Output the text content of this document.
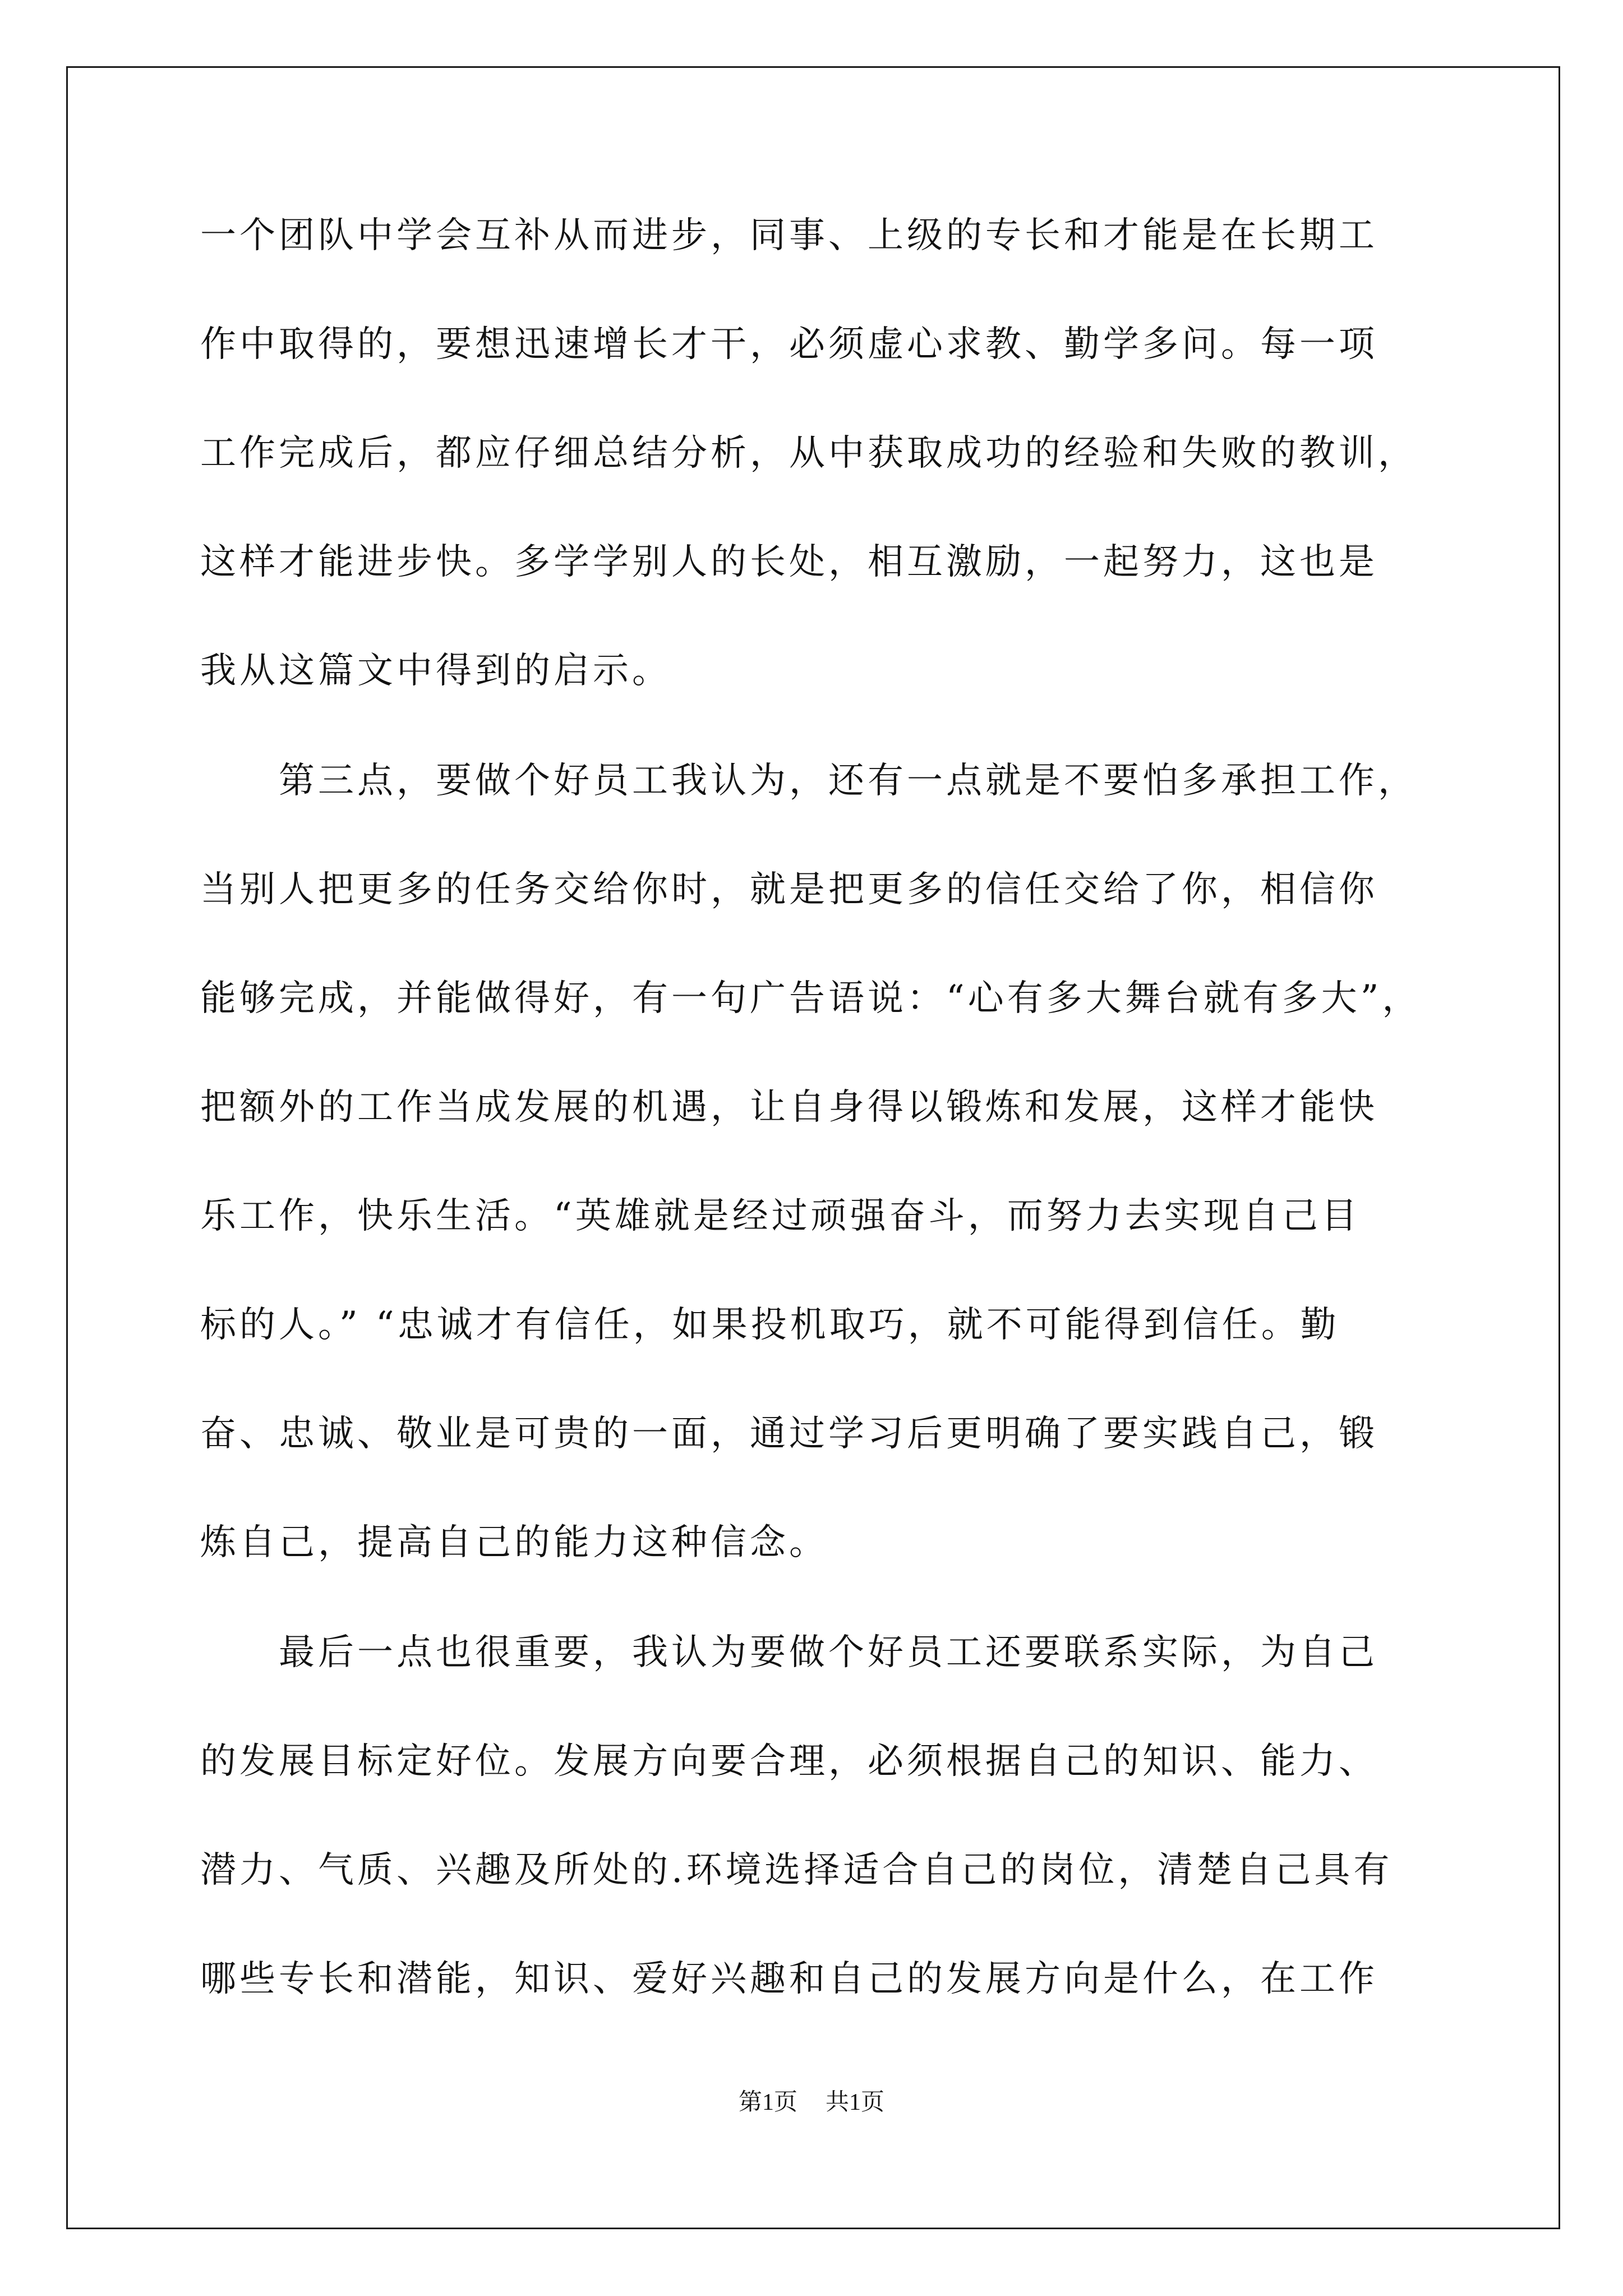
一个团队中学会互补从而进步，同事、上级的专长和才能是在长期工
作中取得的，要想迅速增长才干，必须虚心求教、勤学多问。每一项
工作完成后，都应仔细总结分析，从中获取成功的经验和失败的教训，
这样才能进步快。多学学别人的长处，相互激励，一起努力，这也是
我从这篇文中得到的启示。
　　第三点，要做个好员工我认为，还有一点就是不要怕多承担工作，
当别人把更多的任务交给你时，就是把更多的信任交给了你，相信你
能够完成，并能做得好，有一句广告语说：“心有多大舞台就有多大”，
把额外的工作当成发展的机遇，让自身得以锻炼和发展，这样才能快
乐工作，快乐生活。“英雄就是经过顽强奋斗，而努力去实现自己目
标的人。” “忠诚才有信任，如果投机取巧，就不可能得到信任。勤
奋、忠诚、敬业是可贵的一面，通过学习后更明确了要实践自己，锻
炼自己，提高自己的能力这种信念。
　　最后一点也很重要，我认为要做个好员工还要联系实际，为自己
的发展目标定好位。发展方向要合理，必须根据自己的知识、能力、
潜力、气质、兴趣及所处的.环境选择适合自己的岗位，清楚自己具有
哪些专长和潜能，知识、爱好兴趣和自己的发展方向是什么，在工作
第1页 共1页
